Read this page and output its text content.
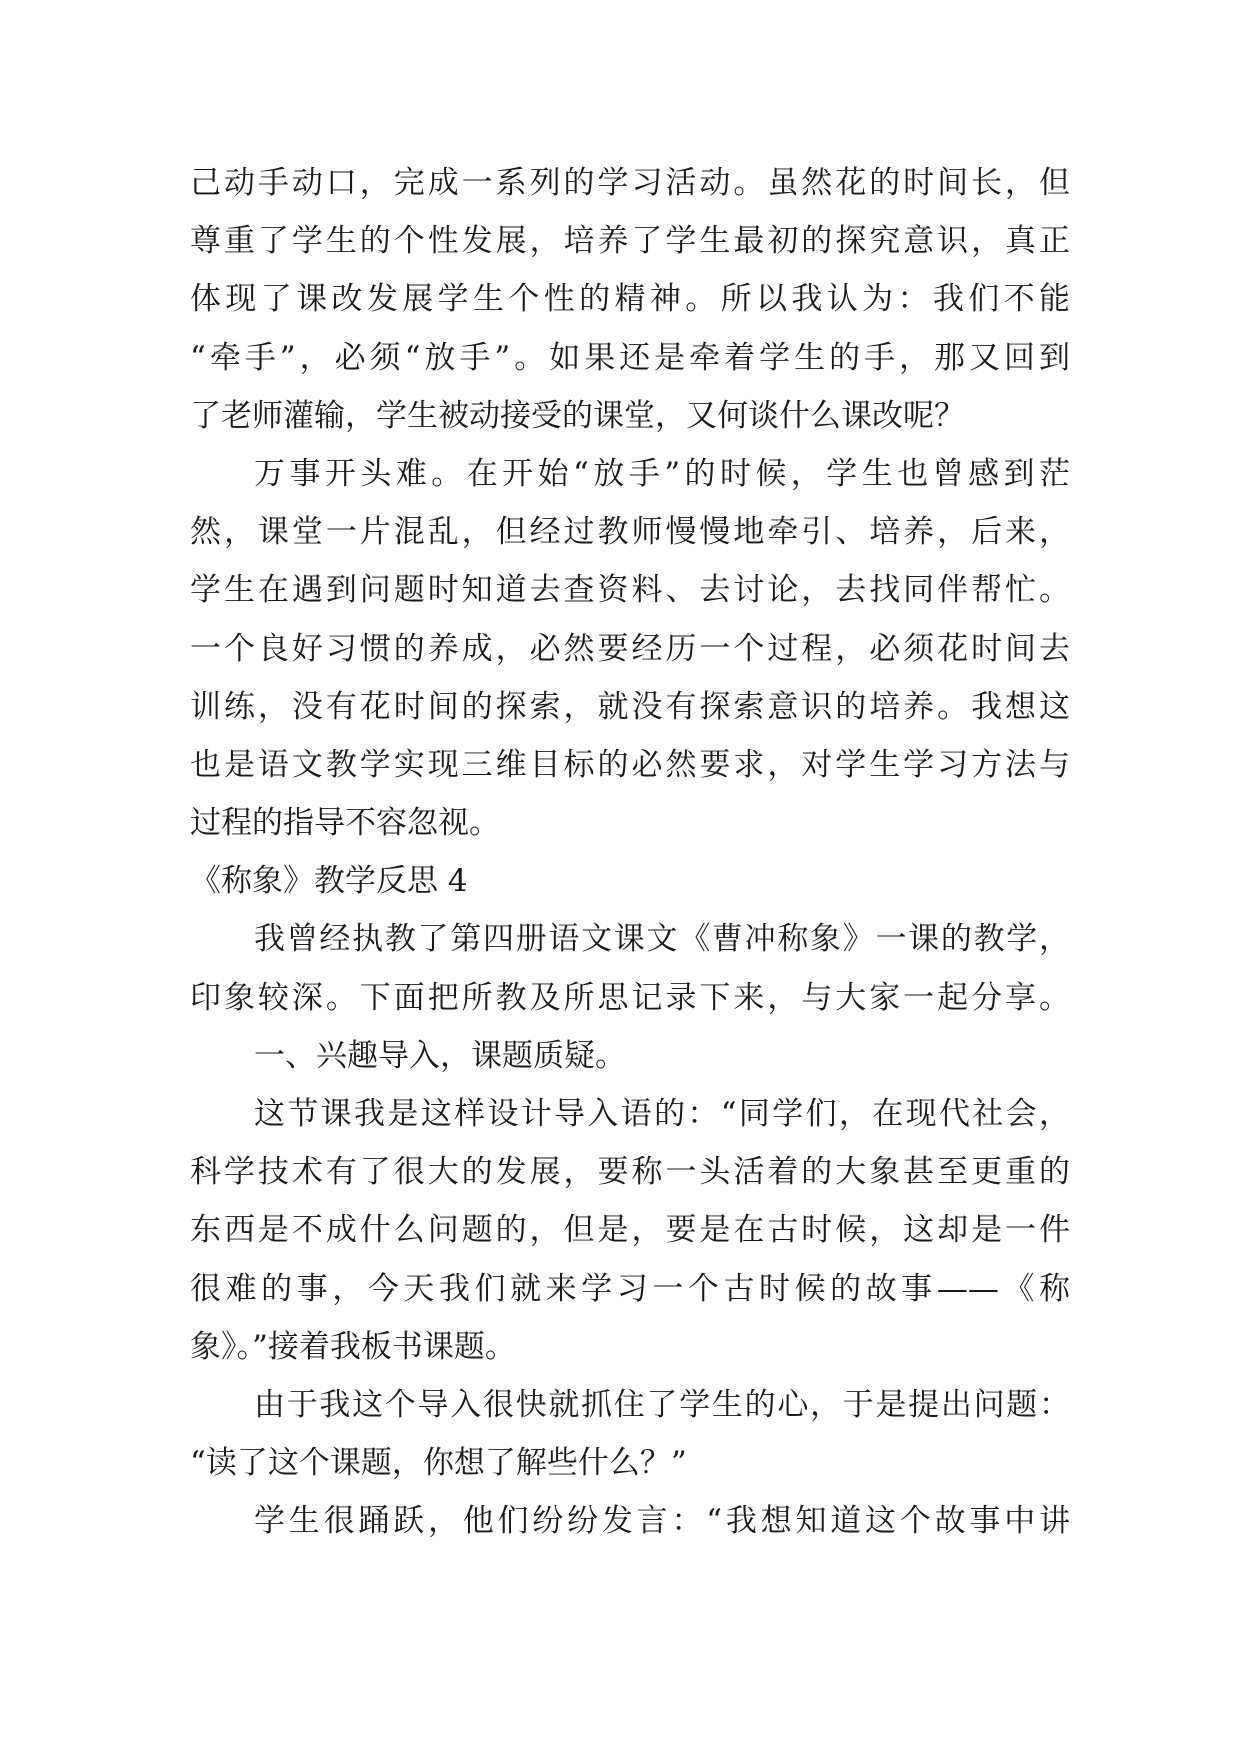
己动手动口，完成一系列的学习活动。虽然花的时间长，但
尊重了学生的个性发展，培养了学生最初的探究意识，真正
体现了课改发展学生个性的精神。所以我认为：我们不能
“牵手”，必须“放手”。如果还是牵着学生的手，那又回到
了老师灌输，学生被动接受的课堂，又何谈什么课改呢？
万事开头难。在开始“放手”的时候，学生也曾感到茫
然，课堂一片混乱，但经过教师慢慢地牵引、培养，后来，
学生在遇到问题时知道去查资料、去讨论，去找同伴帮忙。
一个良好习惯的养成，必然要经历一个过程，必须花时间去
训练，没有花时间的探索，就没有探索意识的培养。我想这
也是语文教学实现三维目标的必然要求，对学生学习方法与
过程的指导不容忽视。
《称象》教学反思 4
我曾经执教了第四册语文课文《曹冲称象》一课的教学，
印象较深。下面把所教及所思记录下来，与大家一起分享。
一、兴趣导入，课题质疑。
这节课我是这样设计导入语的：“同学们，在现代社会，
科学技术有了很大的发展，要称一头活着的大象甚至更重的
东西是不成什么问题的，但是，要是在古时候，这却是一件
很难的事，今天我们就来学习一个古时候的故事——《称
象》。”接着我板书课题。
由于我这个导入很快就抓住了学生的心，于是提出问题：
“读了这个课题，你想了解些什么？”
学生很踊跃，他们纷纷发言：“我想知道这个故事中讲
